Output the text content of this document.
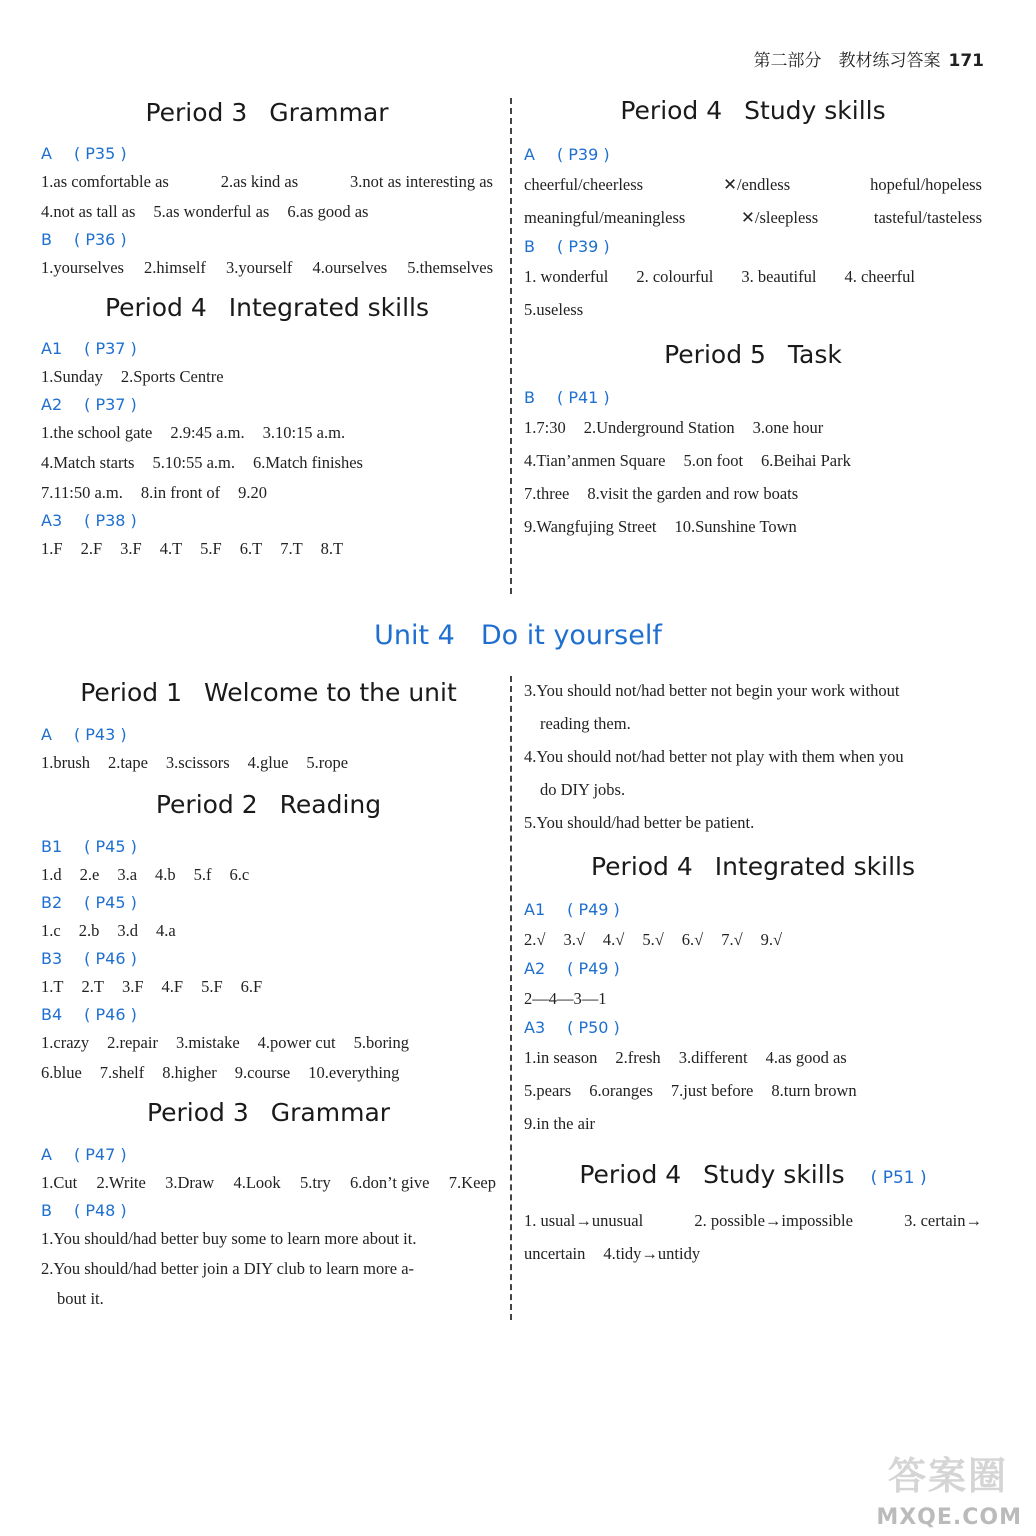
第二部分　教材练习答案 171
Period 3 Grammar
A ( P35 )
1.as comfortable as	2.as kind as	3.not as interesting as
4.not as tall as 5.as wonderful as 6.as good as
B ( P36 )
1.yourselves 2.himself 3.yourself 4.ourselves 5.themselves
Period 4 Integrated skills
A1 ( P37 )
1.Sunday 2.Sports Centre
A2 ( P37 )
1.the school gate 2.9:45 a.m. 3.10:15 a.m.
4.Match starts 5.10:55 a.m. 6.Match finishes
7.11:50 a.m. 8.in front of 9.20
A3 ( P38 )
1.F 2.F 3.F 4.T 5.F 6.T 7.T 8.T
Period 4 Study skills
A ( P39 )
cheerful/cheerless	✕/endless	hopeful/hopeless
meaningful/meaningless	✕/sleepless	tasteful/tasteless
B ( P39 )
1. wonderful 2. colourful 3. beautiful 4. cheerful
5.useless
Period 5 Task
B ( P41 )
1.7:30 2.Underground Station 3.one hour
4.Tian’anmen Square 5.on foot 6.Beihai Park
7.three 8.visit the garden and row boats
9.Wangfujing Street 10.Sunshine Town
Unit 4 Do it yourself
Period 1 Welcome to the unit
A ( P43 )
1.brush 2.tape 3.scissors 4.glue 5.rope
Period 2 Reading
B1 ( P45 )
1.d 2.e 3.a 4.b 5.f 6.c
B2 ( P45 )
1.c 2.b 3.d 4.a
B3 ( P46 )
1.T 2.T 3.F 4.F 5.F 6.F
B4 ( P46 )
1.crazy 2.repair 3.mistake 4.power cut 5.boring
6.blue 7.shelf 8.higher 9.course 10.everything
Period 3 Grammar
A ( P47 )
1.Cut 2.Write 3.Draw 4.Look 5.try 6.don’t give 7.Keep
B ( P48 )
1.You should/had better buy some to learn more about it.
2.You should/had better join a DIY club to learn more a-
bout it.
3.You should not/had better not begin your work without
reading them.
4.You should not/had better not play with them when you
do DIY jobs.
5.You should/had better be patient.
Period 4 Integrated skills
A1 ( P49 )
2.√ 3.√ 4.√ 5.√ 6.√ 7.√ 9.√
A2 ( P49 )
2—4—3—1
A3 ( P50 )
1.in season 2.fresh 3.different 4.as good as
5.pears 6.oranges 7.just before 8.turn brown
9.in the air
Period 4 Study skills ( P51 )
1. usual→unusual	2. possible→impossible	3. certain→
uncertain 4.tidy→untidy
答案圈
MXQE.COM
